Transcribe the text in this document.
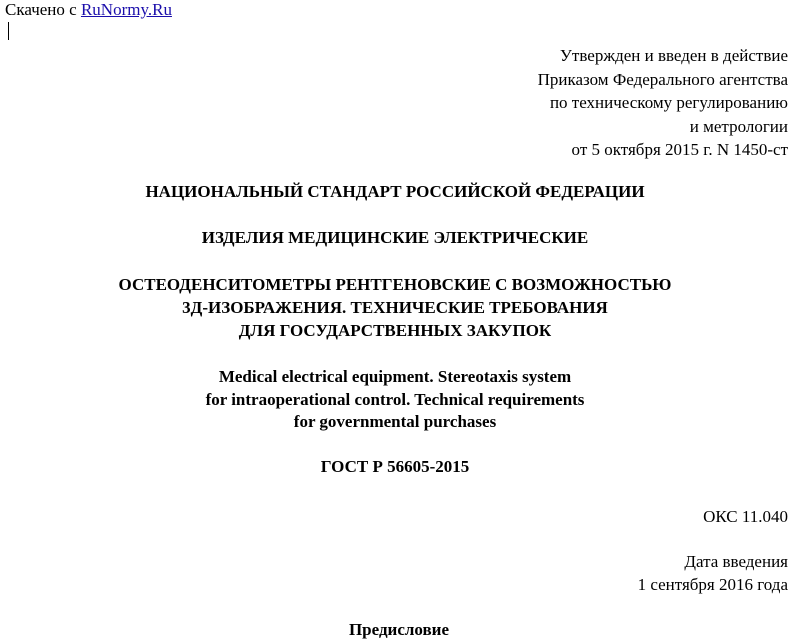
Скачено с RuNormy.Ru
Утвержден и введен в действие
Приказом Федерального агентства
по техническому регулированию
и метрологии
от 5 октября 2015 г. N 1450-ст
НАЦИОНАЛЬНЫЙ СТАНДАРТ РОССИЙСКОЙ ФЕДЕРАЦИИ
ИЗДЕЛИЯ МЕДИЦИНСКИЕ ЭЛЕКТРИЧЕСКИЕ
ОСТЕОДЕНСИТОМЕТРЫ РЕНТГЕНОВСКИЕ С ВОЗМОЖНОСТЬЮ
3Д-ИЗОБРАЖЕНИЯ. ТЕХНИЧЕСКИЕ ТРЕБОВАНИЯ
ДЛЯ ГОСУДАРСТВЕННЫХ ЗАКУПОК
Medical electrical equipment. Stereotaxis system
for intraoperational control. Technical requirements
for governmental purchases
ГОСТ Р 56605-2015
ОКС 11.040
Дата введения
1 сентября 2016 года
Предисловие
